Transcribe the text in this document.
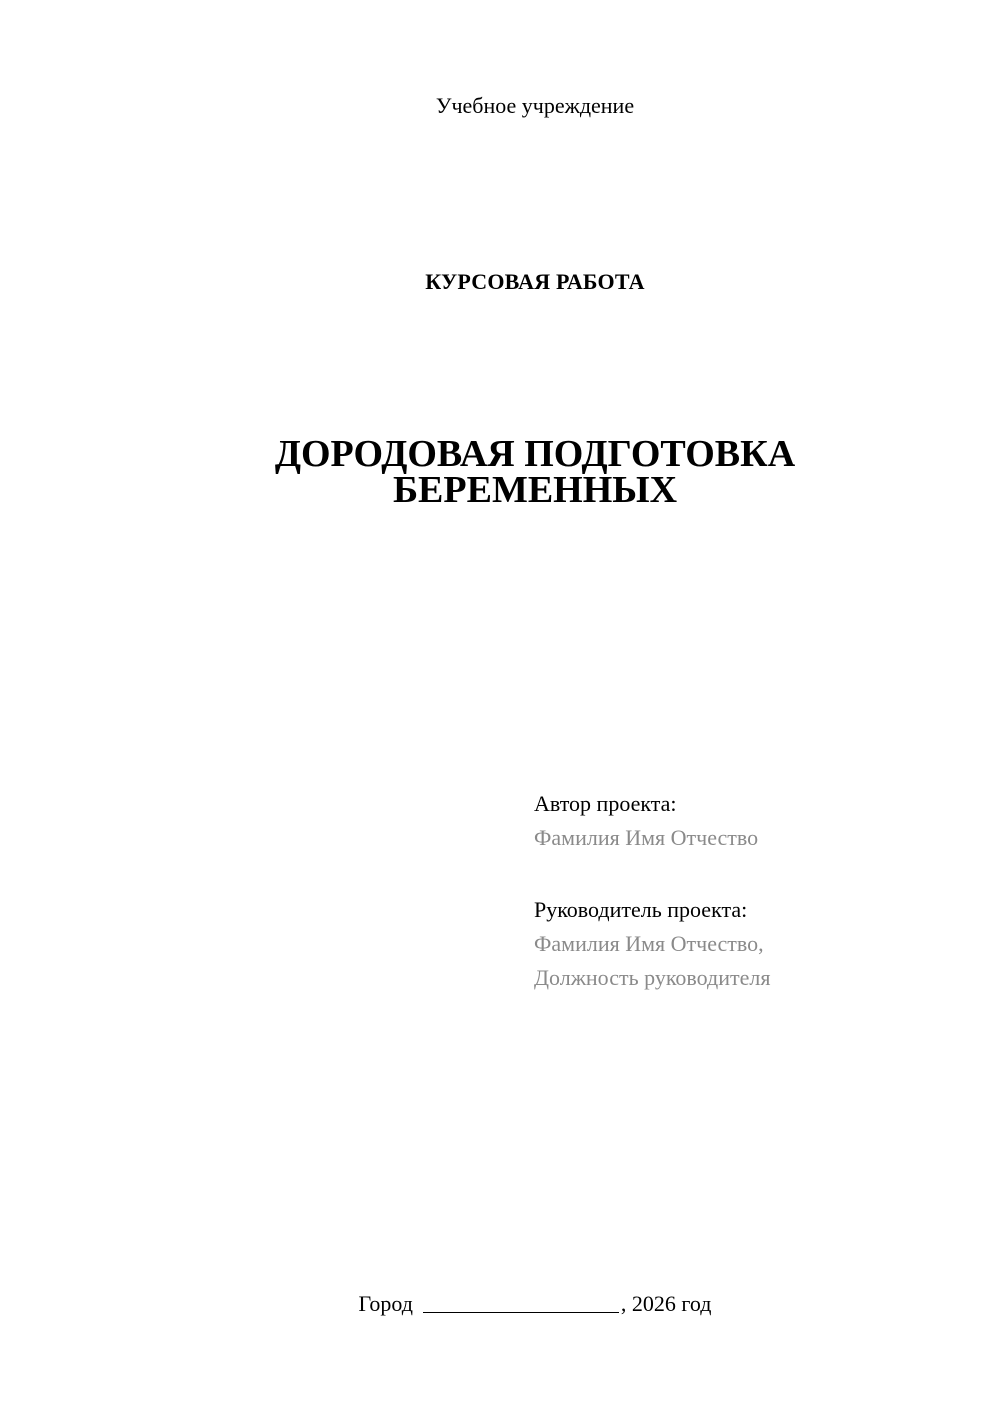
Учебное учреждение
КУРСОВАЯ РАБОТА
ДОРОДОВАЯ ПОДГОТОВКА
БЕРЕМЕННЫХ
Автор проекта:
Фамилия Имя Отчество
Руководитель проекта:
Фамилия Имя Отчество,
Должность руководителя
Город	, 2026 год
